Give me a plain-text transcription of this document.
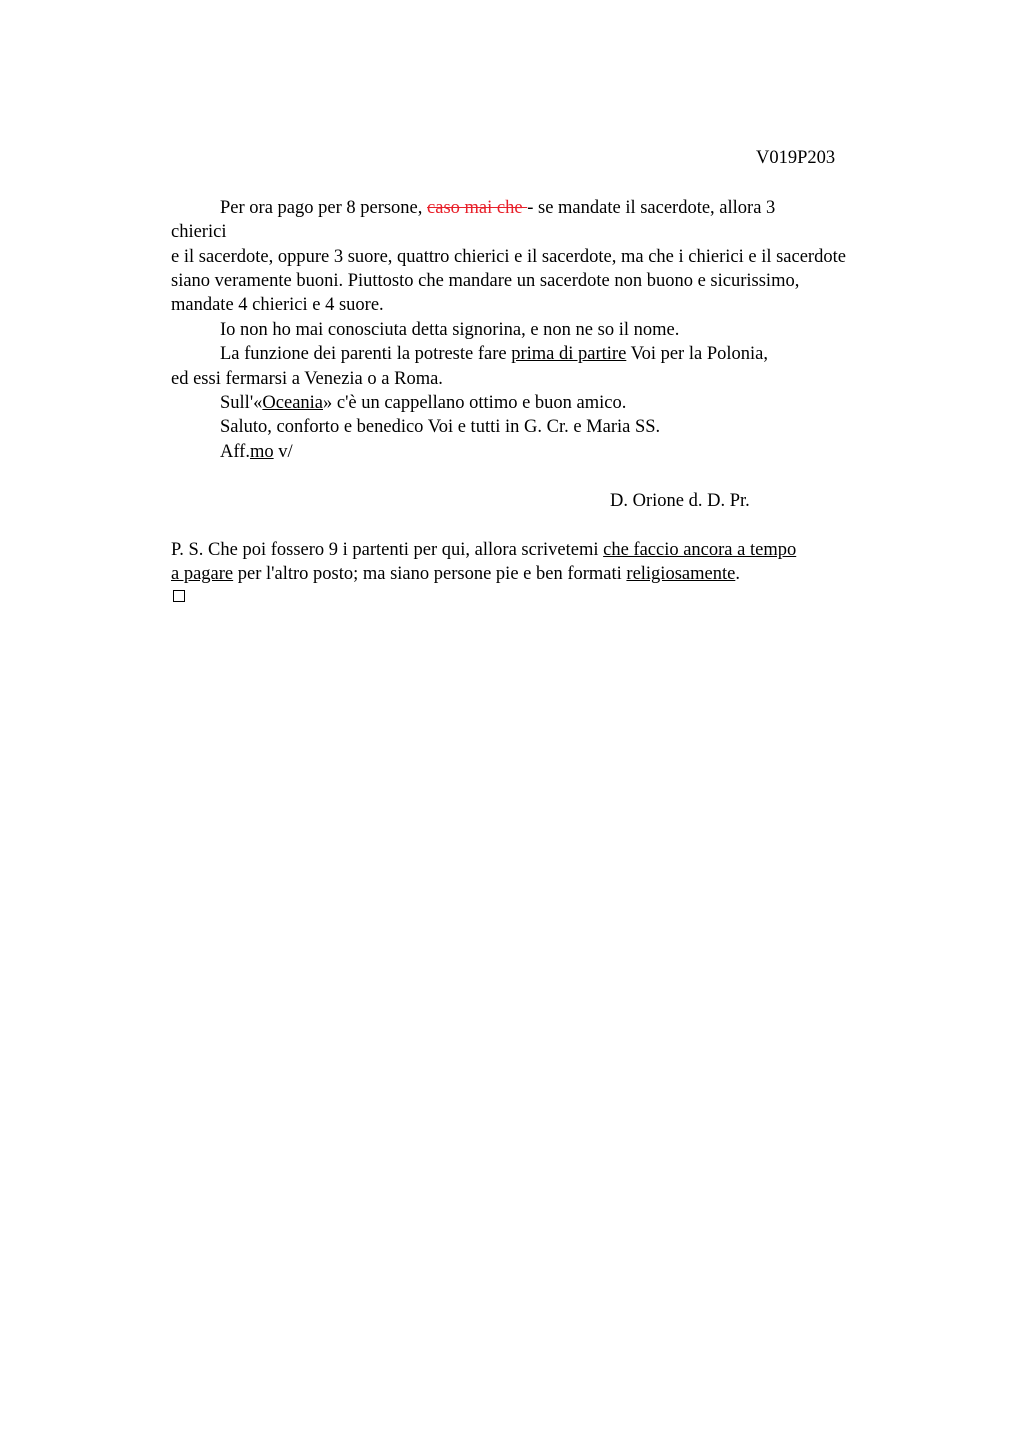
V019P203
Per ora pago per 8 persone, caso mai che - se mandate il sacerdote, allora 3
chierici
e il sacerdote, oppure 3 suore, quattro chierici e il sacerdote, ma che i chierici e il sacerdote
siano veramente buoni. Piuttosto che mandare un sacerdote non buono e sicurissimo,
mandate 4 chierici e 4 suore.
Io non ho mai conosciuta detta signorina, e non ne so il nome.
La funzione dei parenti la potreste fare prima di partire Voi per la Polonia,
ed essi fermarsi a Venezia o a Roma.
Sull'«Oceania» c'è un cappellano ottimo e buon amico.
Saluto, conforto e benedico Voi e tutti in G. Cr. e Maria SS.
Aff.mo v/
D. Orione d. D. Pr.
P. S. Che poi fossero 9 i partenti per qui, allora scrivetemi che faccio ancora a tempo
a pagare per l'altro posto; ma siano persone pie e ben formati religiosamente.
